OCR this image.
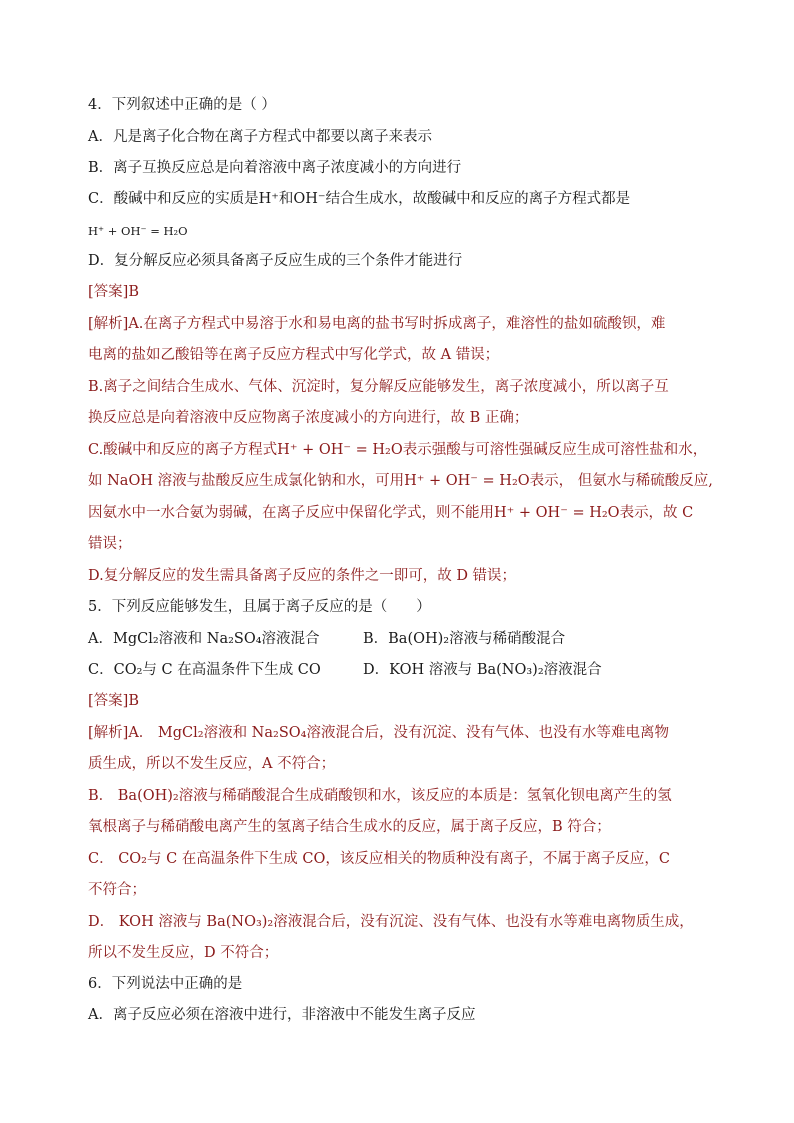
4．下列叙述中正确的是（ ）
A．凡是离子化合物在离子方程式中都要以离子来表示
B．离子互换反应总是向着溶液中离子浓度减小的方向进行
C．酸碱中和反应的实质是H⁺和OH⁻结合生成水，故酸碱中和反应的离子方程式都是
H⁺ + OH⁻ = H₂O
D．复分解反应必须具备离子反应生成的三个条件才能进行
[答案]B
[解析]A.在离子方程式中易溶于水和易电离的盐书写时拆成离子，难溶性的盐如硫酸钡，难
电离的盐如乙酸铅等在离子反应方程式中写化学式，故 A 错误；
B.离子之间结合生成水、气体、沉淀时，复分解反应能够发生，离子浓度减小，所以离子互
换反应总是向着溶液中反应物离子浓度减小的方向进行，故 B 正确；
C.酸碱中和反应的离子方程式H⁺ + OH⁻ = H₂O表示强酸与可溶性强碱反应生成可溶性盐和水，
如 NaOH 溶液与盐酸反应生成氯化钠和水，可用H⁺ + OH⁻ = H₂O表示， 但氨水与稀硫酸反应,
因氨水中一水合氨为弱碱，在离子反应中保留化学式，则不能用H⁺ + OH⁻ = H₂O表示，故 C
错误；
D.复分解反应的发生需具备离子反应的条件之一即可，故 D 错误；
5．下列反应能够发生，且属于离子反应的是（　　）
A．MgCl₂溶液和 Na₂SO₄溶液混合	B．Ba(OH)₂溶液与稀硝酸混合
C．CO₂与 C 在高温条件下生成 CO	D．KOH 溶液与 Ba(NO₃)₂溶液混合
[答案]B
[解析]A． MgCl₂溶液和 Na₂SO₄溶液混合后，没有沉淀、没有气体、也没有水等难电离物
质生成，所以不发生反应，A 不符合；
B． Ba(OH)₂溶液与稀硝酸混合生成硝酸钡和水，该反应的本质是：氢氧化钡电离产生的氢
氧根离子与稀硝酸电离产生的氢离子结合生成水的反应，属于离子反应，B 符合；
C． CO₂与 C 在高温条件下生成 CO，该反应相关的物质种没有离子，不属于离子反应，C
不符合；
D． KOH 溶液与 Ba(NO₃)₂溶液混合后，没有沉淀、没有气体、也没有水等难电离物质生成，
所以不发生反应，D 不符合；
6．下列说法中正确的是
A．离子反应必须在溶液中进行，非溶液中不能发生离子反应
